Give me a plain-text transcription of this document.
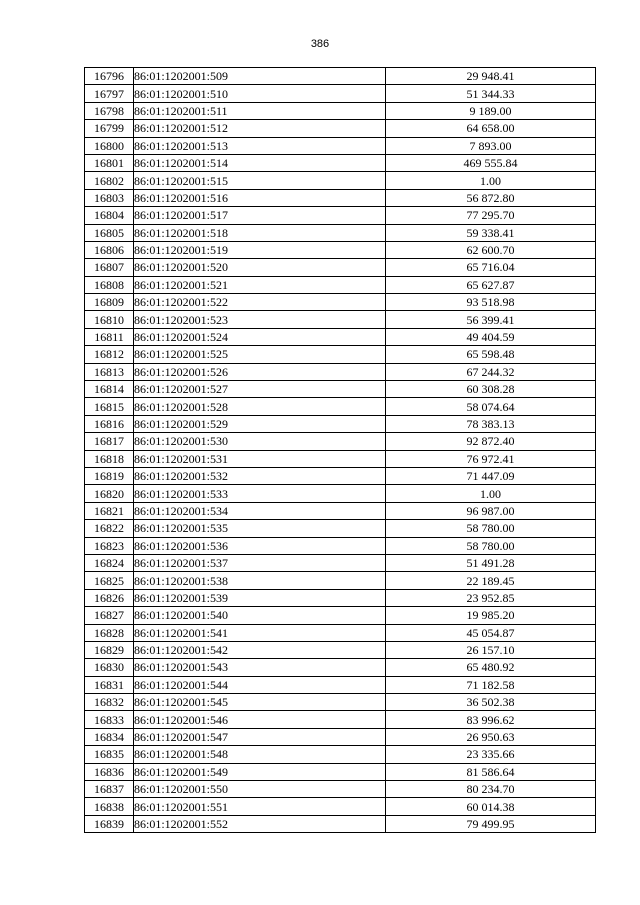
386
16796	86:01:1202001:509	29 948.41
16797	86:01:1202001:510	51 344.33
16798	86:01:1202001:511	9 189.00
16799	86:01:1202001:512	64 658.00
16800	86:01:1202001:513	7 893.00
16801	86:01:1202001:514	469 555.84
16802	86:01:1202001:515	1.00
16803	86:01:1202001:516	56 872.80
16804	86:01:1202001:517	77 295.70
16805	86:01:1202001:518	59 338.41
16806	86:01:1202001:519	62 600.70
16807	86:01:1202001:520	65 716.04
16808	86:01:1202001:521	65 627.87
16809	86:01:1202001:522	93 518.98
16810	86:01:1202001:523	56 399.41
16811	86:01:1202001:524	49 404.59
16812	86:01:1202001:525	65 598.48
16813	86:01:1202001:526	67 244.32
16814	86:01:1202001:527	60 308.28
16815	86:01:1202001:528	58 074.64
16816	86:01:1202001:529	78 383.13
16817	86:01:1202001:530	92 872.40
16818	86:01:1202001:531	76 972.41
16819	86:01:1202001:532	71 447.09
16820	86:01:1202001:533	1.00
16821	86:01:1202001:534	96 987.00
16822	86:01:1202001:535	58 780.00
16823	86:01:1202001:536	58 780.00
16824	86:01:1202001:537	51 491.28
16825	86:01:1202001:538	22 189.45
16826	86:01:1202001:539	23 952.85
16827	86:01:1202001:540	19 985.20
16828	86:01:1202001:541	45 054.87
16829	86:01:1202001:542	26 157.10
16830	86:01:1202001:543	65 480.92
16831	86:01:1202001:544	71 182.58
16832	86:01:1202001:545	36 502.38
16833	86:01:1202001:546	83 996.62
16834	86:01:1202001:547	26 950.63
16835	86:01:1202001:548	23 335.66
16836	86:01:1202001:549	81 586.64
16837	86:01:1202001:550	80 234.70
16838	86:01:1202001:551	60 014.38
16839	86:01:1202001:552	79 499.95
